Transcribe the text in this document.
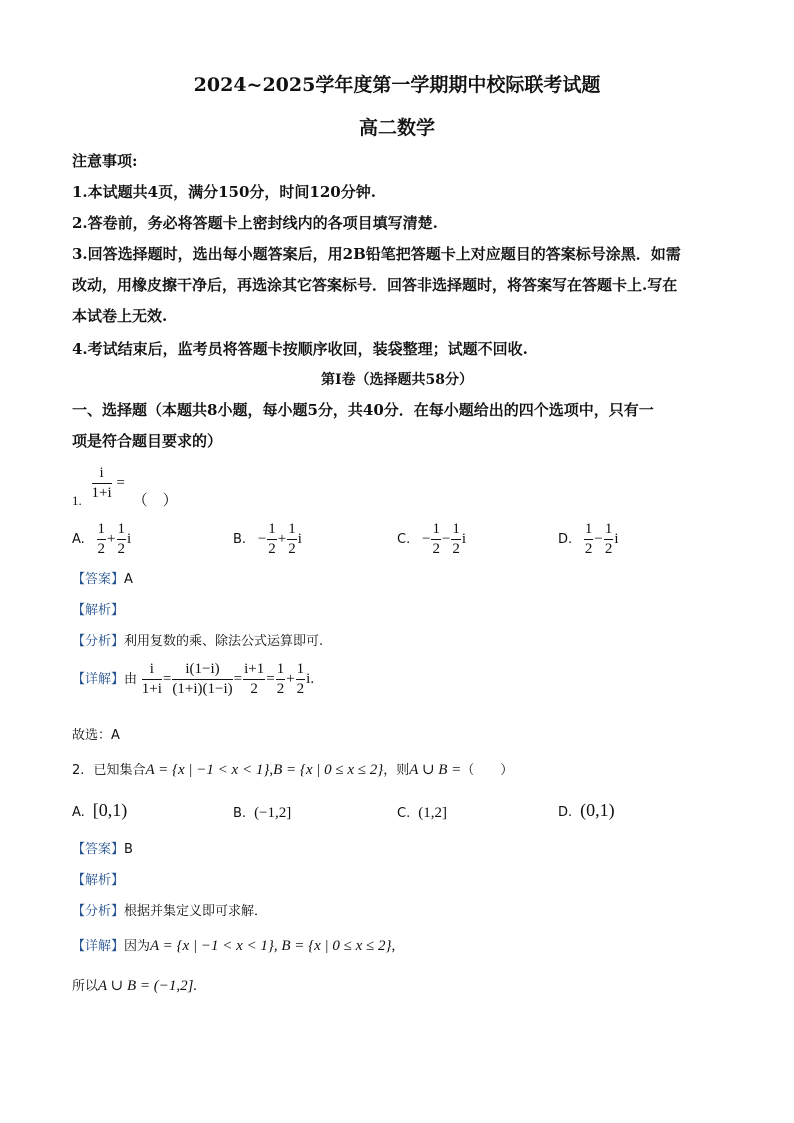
2024~2025学年度第一学期期中校际联考试题
高二数学
注意事项:
1.本试题共4页，满分150分，时间120分钟.
2.答卷前，务必将答题卡上密封线内的各项目填写清楚.
3.回答选择题时，选出每小题答案后，用2B铅笔把答题卡上对应题目的答案标号涂黑．如需
改动，用橡皮擦干净后，再选涂其它答案标号．回答非选择题时，将答案写在答题卡上.写在
本试卷上无效.
4.考试结束后，监考员将答题卡按顺序收回，装袋整理；试题不回收.
第I卷（选择题共58分）
一、选择题（本题共8小题，每小题5分，共40分．在每小题给出的四个选项中，只有一
项是符合题目要求的）
1. $\frac{i}{1+i}$ = （　）
A. $\frac{1}{2} + \frac{1}{2}$ i	B. − $\frac{1}{2} + \frac{1}{2}$ i	C. − $\frac{1}{2} - \frac{1}{2}$ i	D. $\frac{1}{2} - \frac{1}{2}$ i
【答案】A
【解析】
【分析】利用复数的乘、除法公式运算即可.
【详解】由 $\frac{i}{1+i} = \frac{i(1-i)}{(1+i)(1-i)} = \frac{i+1}{2} = \frac{1}{2} + \frac{1}{2} i$.
故选：A
2. 已知集合A = {x | −1 < x < 1},B = {x | 0 ≤ x ≤ 2}，则A ∪ B =（　　）
A. [0,1)	B. (−1,2]	C. (1,2]	D. (0,1)
【答案】B
【解析】
【分析】根据并集定义即可求解．
【详解】因为A = {x | −1 < x < 1}, B = {x | 0 ≤ x ≤ 2},
所以A ∪ B = (−1,2].
